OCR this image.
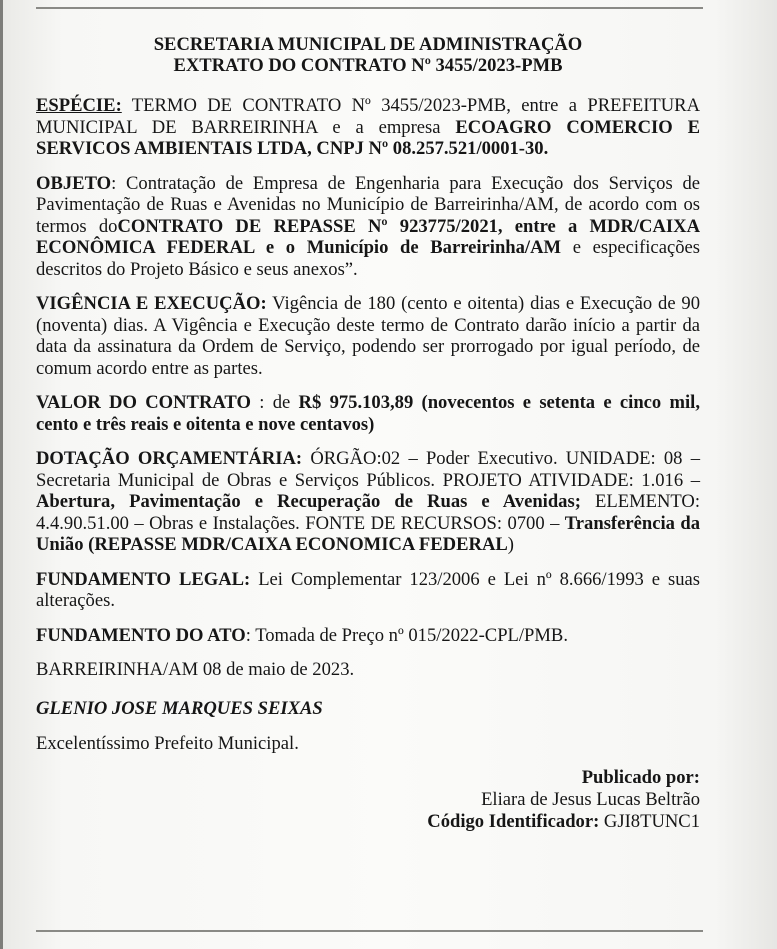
SECRETARIA MUNICIPAL DE ADMINISTRAÇÃO
EXTRATO DO CONTRATO Nº 3455/2023-PMB

ESPÉCIE: TERMO DE CONTRATO Nº 3455/2023-PMB, entre a PREFEITURA MUNICIPAL DE BARREIRINHA e a empresa ECOAGRO COMERCIO E SERVICOS AMBIENTAIS LTDA, CNPJ Nº 08.257.521/0001-30.

OBJETO: Contratação de Empresa de Engenharia para Execução dos Serviços de Pavimentação de Ruas e Avenidas no Município de Barreirinha/AM, de acordo com os termos doCONTRATO DE REPASSE Nº 923775/2021, entre a MDR/CAIXA ECONÔMICA FEDERAL e o Município de Barreirinha/AM e especificações descritos do Projeto Básico e seus anexos”.

VIGÊNCIA E EXECUÇÃO: Vigência de 180 (cento e oitenta) dias e Execução de 90 (noventa) dias. A Vigência e Execução deste termo de Contrato darão início a partir da data da assinatura da Ordem de Serviço, podendo ser prorrogado por igual período, de comum acordo entre as partes.

VALOR DO CONTRATO : de R$ 975.103,89 (novecentos e setenta e cinco mil, cento e três reais e oitenta e nove centavos)

DOTAÇÃO ORÇAMENTÁRIA: ÓRGÃO:02 – Poder Executivo. UNIDADE: 08 – Secretaria Municipal de Obras e Serviços Públicos. PROJETO ATIVIDADE: 1.016 – Abertura, Pavimentação e Recuperação de Ruas e Avenidas; ELEMENTO: 4.4.90.51.00 – Obras e Instalações. FONTE DE RECURSOS: 0700 – Transferência da União (REPASSE MDR/CAIXA ECONOMICA FEDERAL)

FUNDAMENTO LEGAL: Lei Complementar 123/2006 e Lei nº 8.666/1993 e suas alterações.

FUNDAMENTO DO ATO: Tomada de Preço nº 015/2022-CPL/PMB.

BARREIRINHA/AM 08 de maio de 2023.
GLENIO JOSE MARQUES SEIXAS
Excelentíssimo Prefeito Municipal.
Publicado por:
Eliara de Jesus Lucas Beltrão
Código Identificador: GJI8TUNC1
